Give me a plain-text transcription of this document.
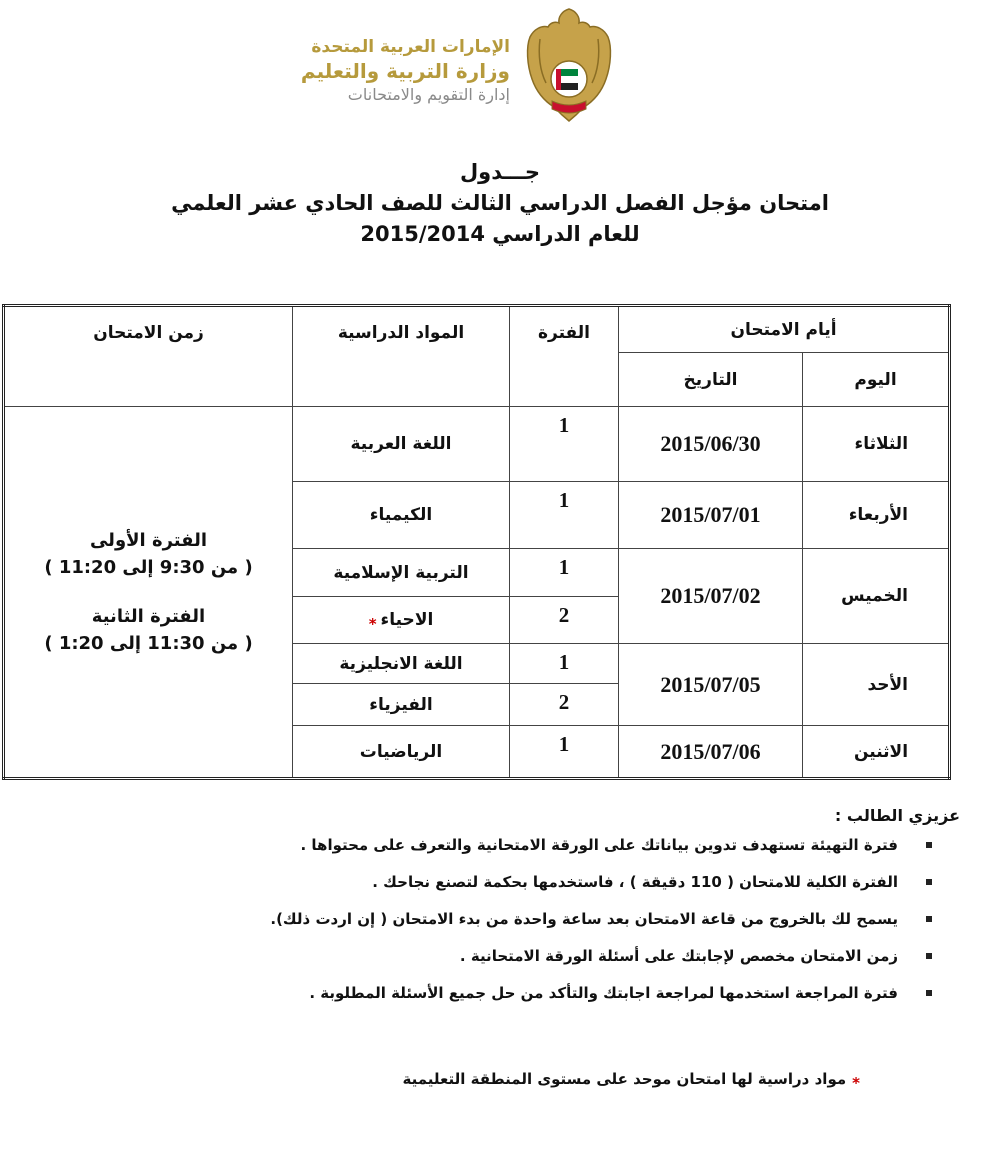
الإمارات العربية المتحدة
وزارة التربية والتعليم
إدارة التقويم والامتحانات
جـــدول
امتحان مؤجل الفصل الدراسي الثالث للصف الحادي عشر العلمي
للعام الدراسي 2015/2014
أيام الامتحان		الفترة	المواد الدراسية	زمن الامتحان
اليوم	التاريخ			
الثلاثاء	2015/06/30	1	اللغة العربية	الفترة الأولى
( من 9:30 إلى 11:20 )
الفترة الثانية
( من 11:30 إلى 1:20 )

الأربعاء	2015/07/01	1	الكيمياء	
الخميس	2015/07/02	1	التربية الإسلامية	
		2	الاحياء⁎	
الأحد	2015/07/05	1	اللغة الانجليزية	
		2	الفيزياء	
الاثنين	2015/07/06	1	الرياضيات	
عزيزي الطالب :
فترة التهيئة تستهدف تدوين بياناتك على الورقة الامتحانية والتعرف على محتواها .
الفترة الكلية للامتحان ( 110 دقيقة ) ، فاستخدمها بحكمة لتصنع نجاحك .
يسمح لك بالخروج من قاعة الامتحان بعد ساعة واحدة من بدء الامتحان ( إن اردت ذلك).
زمن الامتحان مخصص لإجابتك على أسئلة الورقة الامتحانية .
فترة المراجعة استخدمها لمراجعة اجابتك والتأكد من حل جميع الأسئلة المطلوبة .
⁎مواد دراسية لها امتحان موحد على مستوى المنطقة التعليمية
